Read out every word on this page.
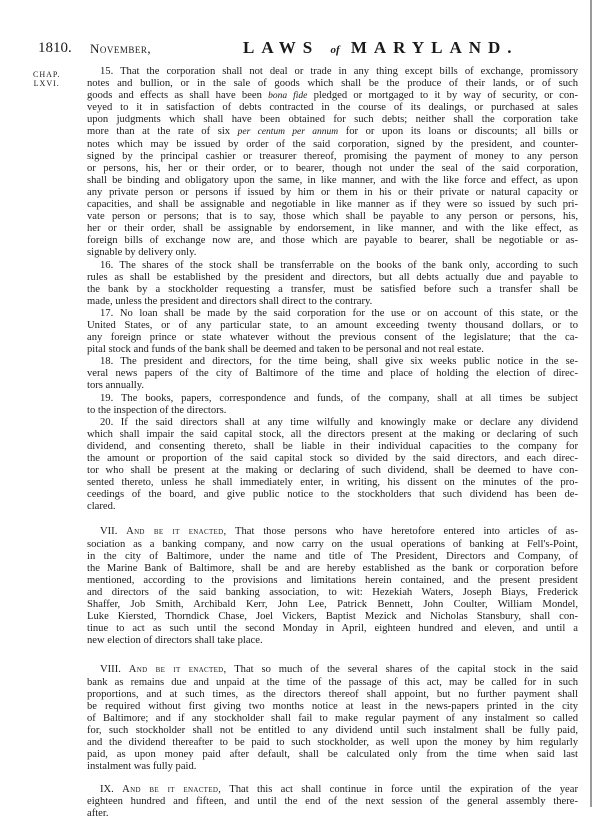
1810. November,	LAWS of MARYLAND.
CHAP.
LXVI.
15. That the corporation shall not deal or trade in any thing except bills of exchange, promissory
notes and bullion, or in the sale of goods which shall be the produce of their lands, or of such
goods and effects as shall have been bona fide pledged or mortgaged to it by way of security, or con-
veyed to it in satisfaction of debts contracted in the course of its dealings, or purchased at sales
upon judgments which shall have been obtained for such debts; neither shall the corporation take
more than at the rate of six per centum per annum for or upon its loans or discounts; all bills or
notes which may be issued by order of the said corporation, signed by the president, and counter-
signed by the principal cashier or treasurer thereof, promising the payment of money to any person
or persons, his, her or their order, or to bearer, though not under the seal of the said corporation,
shall be binding and obligatory upon the same, in like manner, and with the like force and effect, as upon
any private person or persons if issued by him or them in his or their private or natural capacity or
capacities, and shall be assignable and negotiable in like manner as if they were so issued by such pri-
vate person or persons; that is to say, those which shall be payable to any person or persons, his,
her or their order, shall be assignable by endorsement, in like manner, and with the like effect, as
foreign bills of exchange now are, and those which are payable to bearer, shall be negotiable or as-
signable by delivery only.
16. The shares of the stock shall be transferrable on the books of the bank only, according to such
rules as shall be established by the president and directors, but all debts actually due and payable to
the bank by a stockholder requesting a transfer, must be satisfied before such a transfer shall be
made, unless the president and directors shall direct to the contrary.
17. No loan shall be made by the said corporation for the use or on account of this state, or the
United States, or of any particular state, to an amount exceeding twenty thousand dollars, or to
any foreign prince or state whatever without the previous consent of the legislature; that the ca-
pital stock and funds of the bank shall be deemed and taken to be personal and not real estate.
18. The president and directors, for the time being, shall give six weeks public notice in the se-
veral news papers of the city of Baltimore of the time and place of holding the election of direc-
tors annually.
19. The books, papers, correspondence and funds, of the company, shall at all times be subject
to the inspection of the directors.
20. If the said directors shall at any time wilfully and knowingly make or declare any dividend
which shall impair the said capital stock, all the directors present at the making or declaring of such
dividend, and consenting thereto, shall be liable in their individual capacities to the company for
the amount or proportion of the said capital stock so divided by the said directors, and each direc-
tor who shall be present at the making or declaring of such dividend, shall be deemed to have con-
sented thereto, unless he shall immediately enter, in writing, his dissent on the minutes of the pro-
ceedings of the board, and give public notice to the stockholders that such dividend has been de-
clared.
VII. And be it enacted, That those persons who have heretofore entered into articles of as-
sociation as a banking company, and now carry on the usual operations of banking at Fell's-Point,
in the city of Baltimore, under the name and title of The President, Directors and Company, of
the Marine Bank of Baltimore, shall be and are hereby established as the bank or corporation before
mentioned, according to the provisions and limitations herein contained, and the present president
and directors of the said banking association, to wit: Hezekiah Waters, Joseph Biays, Frederick
Shaffer, Job Smith, Archibald Kerr, John Lee, Patrick Bennett, John Coulter, William Mondel,
Luke Kiersted, Thorndick Chase, Joel Vickers, Baptist Mezick and Nicholas Stansbury, shall con-
tinue to act as such until the second Monday in April, eighteen hundred and eleven, and until a
new election of directors shall take place.
VIII. And be it enacted, That so much of the several shares of the capital stock in the said
bank as remains due and unpaid at the time of the passage of this act, may be called for in such
proportions, and at such times, as the directors thereof shall appoint, but no further payment shall
be required without first giving two months notice at least in the news-papers printed in the city
of Baltimore; and if any stockholder shall fail to make regular payment of any instalment so called
for, such stockholder shall not be entitled to any dividend until such instalment shall be fully paid,
and the dividend thereafter to be paid to such stockholder, as well upon the money by him regularly
paid, as upon money paid after default, shall be calculated only from the time when said last
instalment was fully paid.
IX. And be it enacted, That this act shall continue in force until the expiration of the year
eighteen hundred and fifteen, and until the end of the next session of the general assembly there-
after.
